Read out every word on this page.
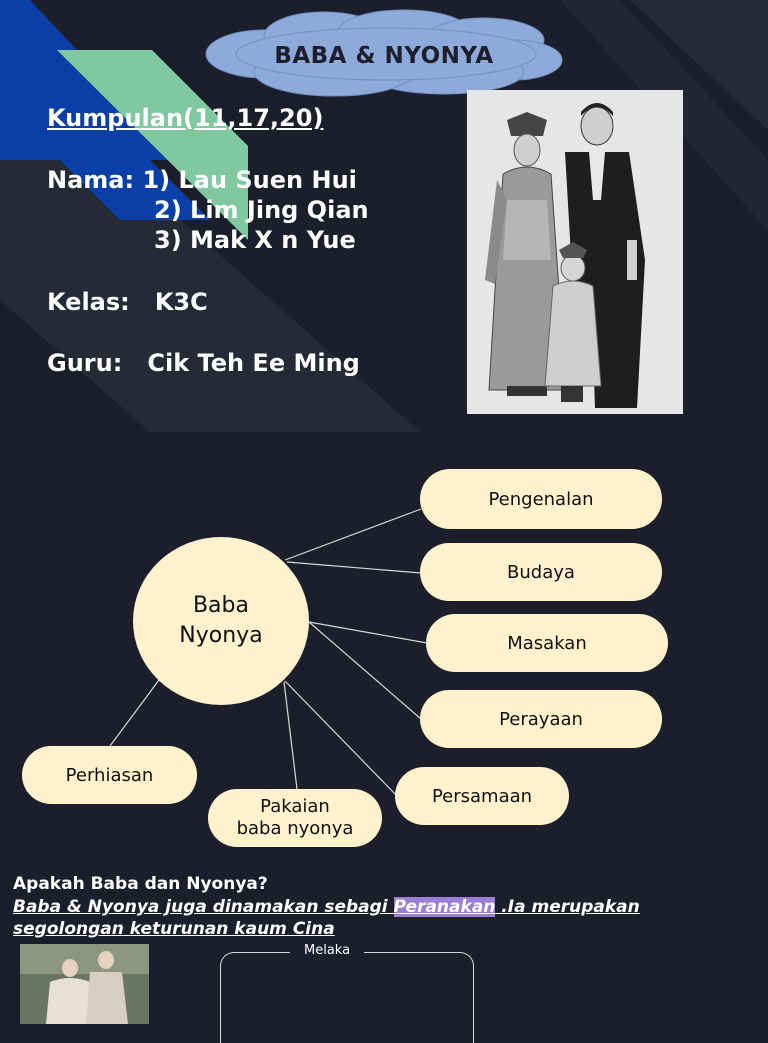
BABA & NYONYA
Kumpulan(11,17,20)
Nama: 1) Lau Suen Hui
2) Lim Jing Qian
3) Mak X n Yue
Kelas:   K3C
Guru:   Cik Teh Ee Ming
Baba
Nyonya
Pengenalan
Budaya
Masakan
Perayaan
Persamaan
Perhiasan
Pakaian
baba nyonya
Apakah Baba dan Nyonya?
Baba & Nyonya juga dinamakan sebagi Peranakan .Ia merupakan segolongan keturunan kaum Cina
Melaka
